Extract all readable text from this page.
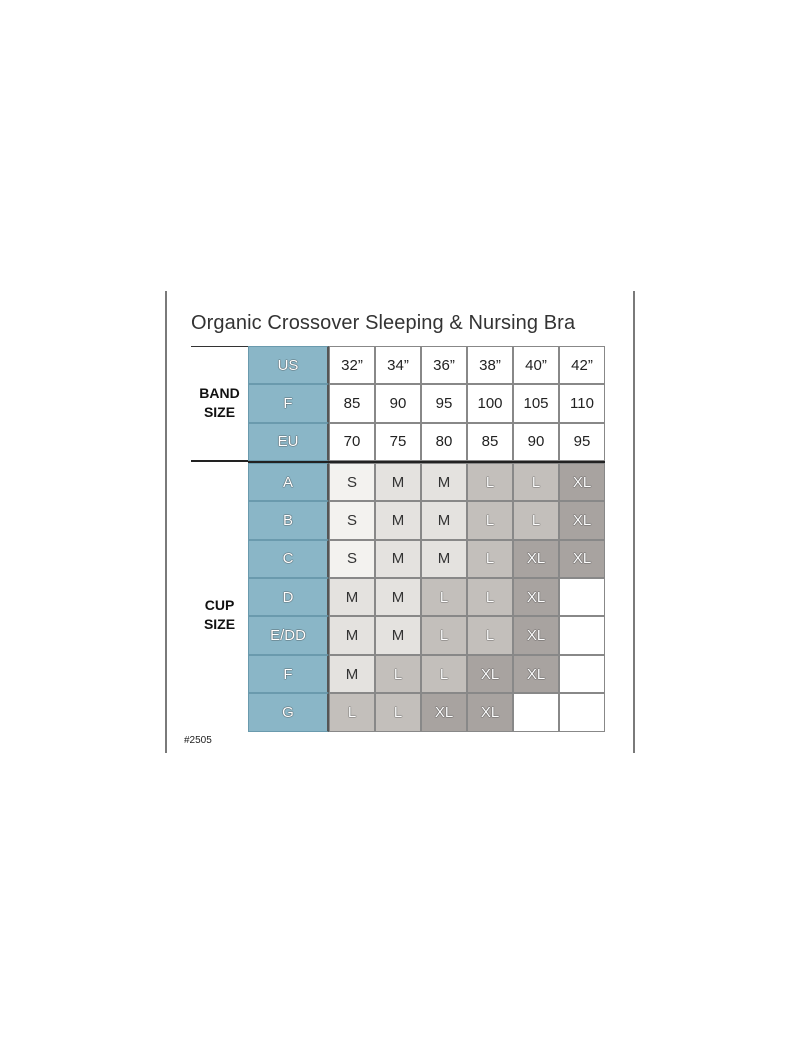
Organic Crossover Sleeping & Nursing Bra
BAND
SIZE
CUP
SIZE
US	32”	34”	36”	38”	40”	42”
F	85	90	95	100	105	110
EU	70	75	80	85	90	95
A	S	M	M	L	L	XL
B	S	M	M	L	L	XL
C	S	M	M	L	XL	XL
D	M	M	L	L	XL
E/DD	M	M	L	L	XL
F	M	L	L	XL	XL
G	L	L	XL	XL
#2505
